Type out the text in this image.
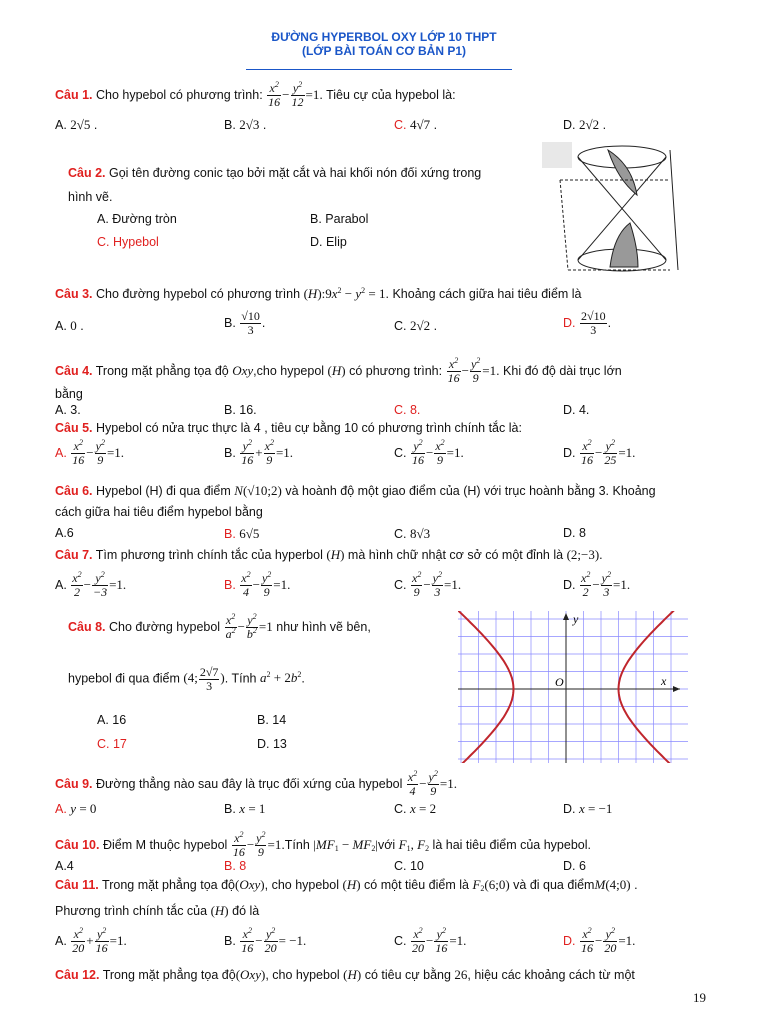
ĐƯỜNG HYPERBOL OXY LỚP 10 THPT
(LỚP BÀI TOÁN CƠ BẢN P1)
Câu 1. Cho hypebol có phương trình: $\frac{x^2}{16} - \frac{y^2}{12} =1$. Tiêu cự của hypebol là:
A. 2√5 .	B. 2√3 .	C. 4√7 .	D. 2√2 .
Câu 2. Gọi tên đường conic tạo bởi mặt cắt và hai khối nón đối xứng trong
hình vẽ.
A. Đường tròn	B. Parabol
C. Hypebol	D. Elip
Câu 3. Cho đường hypebol có phương trình $(H):9x^2 - y^2 = 1$. Khoảng cách giữa hai tiêu điểm là
A. 0 .	B. $\frac{√10}{3}$ .	C. 2√2 .	D. $\frac{2√10}{3}$ .
Câu 4. Trong mặt phẳng tọa độ Oxy,cho hypepol (H) có phương trình: $\frac{x^2}{16} - \frac{y^2}{9} =1$. Khi đó độ dài trục lớn
bằng
A. 3.	B. 16.	C. 8.	D. 4.
Câu 5. Hypebol có nửa trục thực là 4 , tiêu cự bằng 10 có phương trình chính tắc là:
A. $\frac{x^2}{16} - \frac{y^2}{9} =1$.	B. $\frac{y^2}{16} + \frac{x^2}{9} =1$.	C. $\frac{y^2}{16} - \frac{x^2}{9} =1$.	D. $\frac{x^2}{16} - \frac{y^2}{25} =1$.
Câu 6. Hypebol (H) đi qua điểm N(√10;2) và hoành độ một giao điểm của (H) với trục hoành bằng 3. Khoảng
cách giữa hai tiêu điểm hypebol bằng
A.6	B. 6√5	C. 8√3	D. 8
Câu 7. Tìm phương trình chính tắc của hyperbol (H) mà hình chữ nhật cơ sở có một đỉnh là (2;−3).
A. $\frac{x^2}{2} - \frac{y^2}{-3} =1$.	B. $\frac{x^2}{4} - \frac{y^2}{9} =1$.	C. $\frac{x^2}{9} - \frac{y^2}{3} =1$.	D. $\frac{x^2}{2} - \frac{y^2}{3} =1$.
Câu 8. Cho đường hypebol $\frac{x^2}{a^2} - \frac{y^2}{b^2} =1$ như hình vẽ bên,
hypebol đi qua điểm (4; $\frac{2√7}{3}$ ). Tính $a^2 + 2b^2$.
A. 16	B. 14
C. 17	D. 13
x
y
O
Câu 9. Đường thẳng nào sau đây là trục đối xứng của hypebol $\frac{x^2}{4} - \frac{y^2}{9} =1$.
A. y = 0	B. x = 1	C. x = 2	D. x = −1
Câu 10. Điểm M thuộc hypebol $\frac{x^2}{16} - \frac{y^2}{9}$ =1.Tính $|MF_1$ − $MF_2|với$ $F_1$, $F_2$ là hai tiêu điểm của hypebol.
A.4	B. 8	C. 10	D. 6
Câu 11. Trong mặt phẳng tọa độ(Oxy), cho hypebol (H) có một tiêu điểm là $F_2(6;0)$ và đi qua điểmM(4;0) .
Phương trình chính tắc của (H) đó là
A. $\frac{x^2}{20} + \frac{y^2}{16} =1$.	B. $\frac{x^2}{16} - \frac{y^2}{20} = -1$.	C. $\frac{x^2}{20} - \frac{y^2}{16} =1$.	D. $\frac{x^2}{16} - \frac{y^2}{20} =1$.
Câu 12. Trong mặt phẳng tọa độ(Oxy), cho hypebol (H) có tiêu cự bằng 26, hiệu các khoảng cách từ một
19
